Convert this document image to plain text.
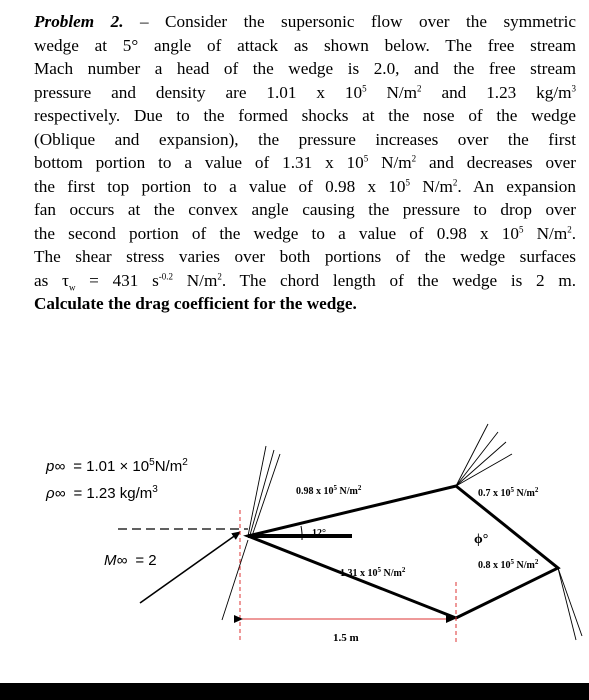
Problem 2. – Consider the supersonic flow over the symmetric
wedge at 5° angle of attack as shown below. The free stream
Mach number a head of the wedge is 2.0, and the free stream
pressure and density are 1.01 x $10^5$ $N/m^2$ and 1.23 $kg/m^3$
respectively. Due to the formed shocks at the nose of the wedge
(Oblique and expansion), the pressure increases over the first
bottom portion to a value of 1.31 x $10^5$ $N/m^2$ and decreases over
the first top portion to a value of 0.98 x $10^5$ $N/m^2$. An expansion
fan occurs at the convex angle causing the pressure to drop over
the second portion of the wedge to a value of 0.98 x $10^5$ $N/m^2$.
The shear stress varies over both portions of the wedge surfaces
as $\tau_w = 431$ $s^{-0.2}$ $N/m^2$. The chord length of the wedge is 2 m.
Calculate the drag coefficient for the wedge.
$p\infty = 1.01 \times 10^5N/m^2$
ρ∞ = 1.23 $kg/m^3$
M∞ = 2
0.98 x $10^5$ $N/m^2$	0.7 x $10^5$ $N/m^2$
1.31 x $10^5$ $N/m^2$	0.8 x $10^5$ $N/m^2$
12°	ϕ°
1.5 m
